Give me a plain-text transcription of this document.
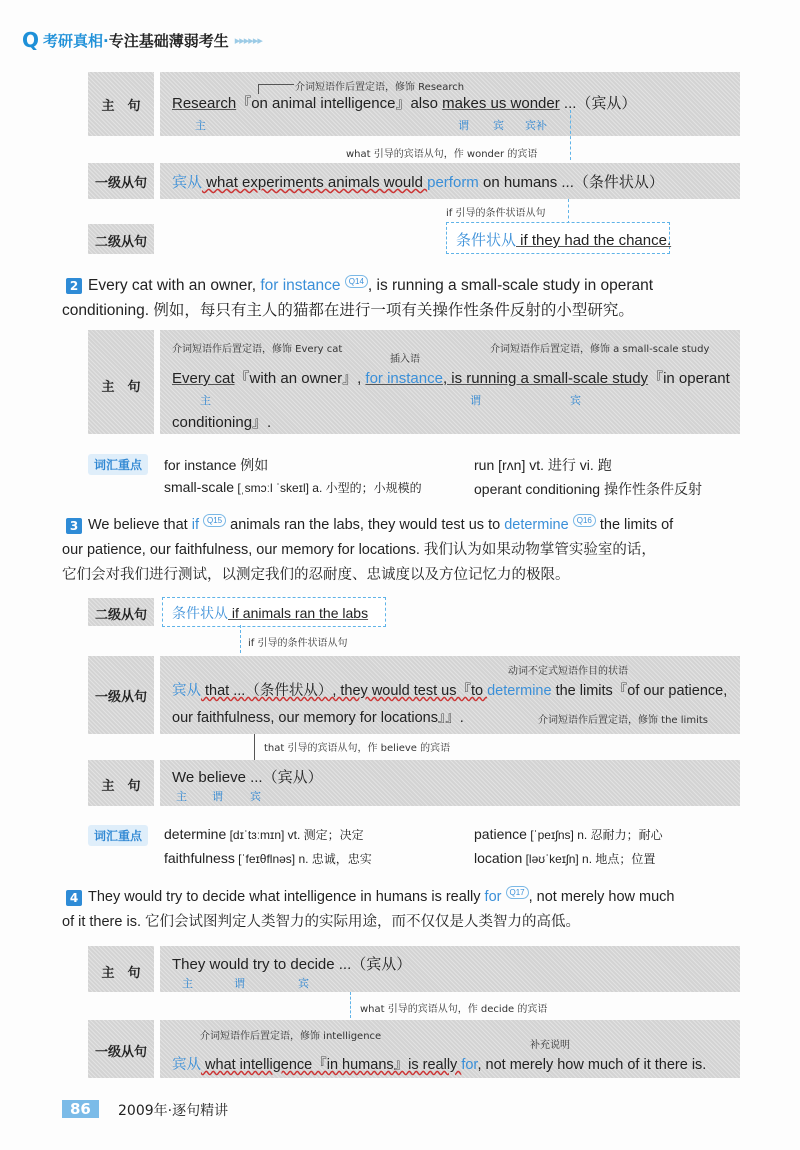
Q 考研真相· 专注基础薄弱考生 ▸▸▸▸▸▸
主　句
介词短语作后置定语，修饰 Research
Research『on animal intelligence』also makes us wonder ...（宾从）
主	谓 宾 宾补
what 引导的宾语从句，作 wonder 的宾语
一级从句	宾从 what experiments animals would perform on humans ...（条件状从）
if 引导的条件状语从句
二级从句	条件状从 if they had the chance.
2 Every cat with an owner, for instance Q14 , is running a small-scale study in operant
conditioning. 例如，每只有主人的猫都在进行一项有关操作性条件反射的小型研究。
主　句
介词短语作后置定语，修饰 Every cat	介词短语作后置定语，修饰 a small-scale study
插入语
Every cat『with an owner』, for instance, is running a small-scale study『in operant
主	谓	宾
conditioning』.
词汇重点	for instance 例如	run [rʌn] vt. 进行 vi. 跑
small-scale [ˌsmɔːl ˈskeɪl] a. 小型的；小规模的	operant conditioning 操作性条件反射
3 We believe that if Q15 animals ran the labs, they would test us to determine Q16 the limits of
our patience, our faithfulness, our memory for locations. 我们认为如果动物掌管实验室的话，
它们会对我们进行测试，以测定我们的忍耐度、忠诚度以及方位记忆力的极限。
二级从句	条件状从 if animals ran the labs
if 引导的条件状语从句
一级从句
动词不定式短语作目的状语
宾从 that ...（条件状从）, they would test us『to determine the limits『of our patience,
our faithfulness, our memory for locations』』.	介词短语作后置定语，修饰 the limits
that 引导的宾语从句，作 believe 的宾语
主　句
We believe ...（宾从）
主 谓 宾
词汇重点	determine [dɪˈtɜːmɪn] vt. 测定；决定	patience [ˈpeɪʃns] n. 忍耐力；耐心
faithfulness [ˈfeɪθflnəs] n. 忠诚，忠实	location [ləʊˈkeɪʃn] n. 地点；位置
4 They would try to decide what intelligence in humans is really for Q17 , not merely how much
of it there is. 它们会试图判定人类智力的实际用途，而不仅仅是人类智力的高低。
主　句
They would try to decide ...（宾从）
主	谓	宾
what 引导的宾语从句，作 decide 的宾语
一级从句
介词短语作后置定语，修饰 intelligence
补充说明
宾从 what intelligence『in humans』is really for, not merely how much of it there is.
86	2009年·逐句精讲
